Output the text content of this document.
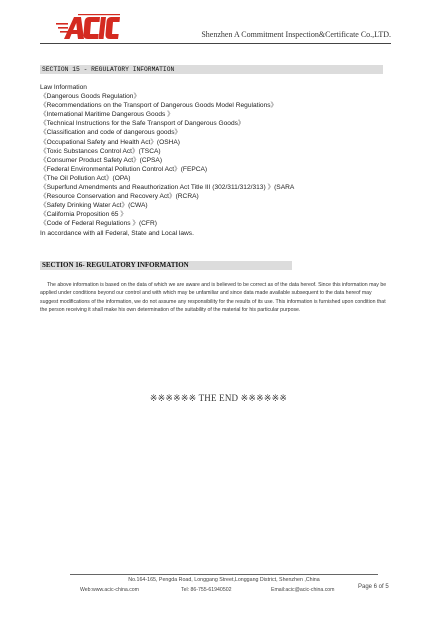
Shenzhen A Commitment Inspection&Certificate Co.,LTD.
SECTION 15 - REGULATORY INFORMATION
Law Information
《Dangerous Goods Regulation》
《Recommendations on the Transport of Dangerous Goods Model Regulations》
《International Maritime Dangerous Goods 》
《Technical Instructions for the Safe Transport of Dangerous Goods》
《Classification and code of dangerous goods》
《Occupational Safety and Health Act》(OSHA)
《Toxic Substances Control Act》(TSCA)
《Consumer Product Safety Act》(CPSA)
《Federal Environmental Pollution Control Act》(FEPCA)
《The Oil Pollution Act》(OPA)
《Superfund Amendments and Reauthorization Act Title III (302/311/312/313) 》(SARA
《Resource Conservation and Recovery Act》(RCRA)
《Safety Drinking Water Act》(CWA)
《California Proposition 65 》
《Code of Federal Regulations 》(CFR)
In accordance with all Federal, State and Local laws.
SECTION 16- REGULATORY INFORMATION
The above information is based on the data of which we are aware and is believed to be correct as of the data hereof. Since this information may be applied under conditions beyond our control and with which may be unfamiliar and since data made available subsequent to the data hereof may suggest modifications of the information, we do not assume any responsibility for the results of its use. This information is furnished upon condition that the person receiving it shall make his own determination of the suitability of the material for his particular purpose.
※※※※※※ THE END ※※※※※※
No.164-165, Pengda Road, Longgang Street,Longgang District, Shenzhen ,China
Web:www.acic-china.com	Tel: 86-755-61940502	Email:acic@acic-china.com	Page 6 of 5
